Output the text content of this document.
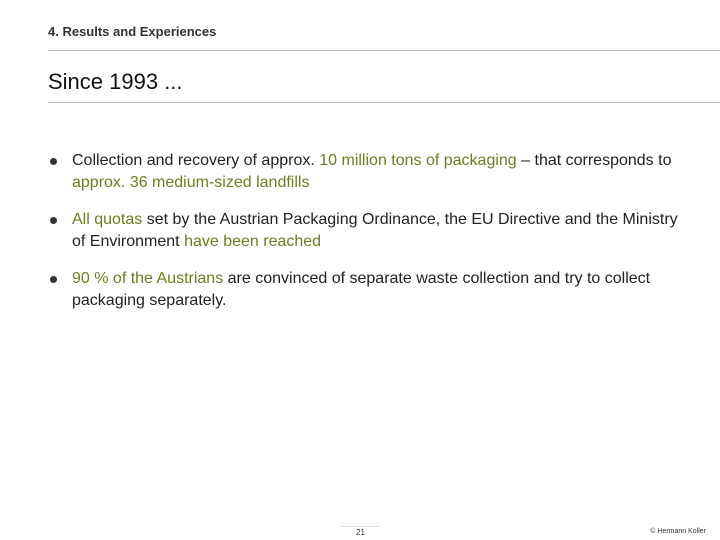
4. Results and Experiences
Since 1993 ...
Collection and recovery of approx. 10 million tons of packaging – that corresponds to approx. 36 medium-sized landfills
All quotas set by the Austrian Packaging Ordinance, the EU Directive and the Ministry of Environment have been reached
90 % of the Austrians are convinced of separate waste collection and try to collect packaging separately.
21	© Hermann Koller
